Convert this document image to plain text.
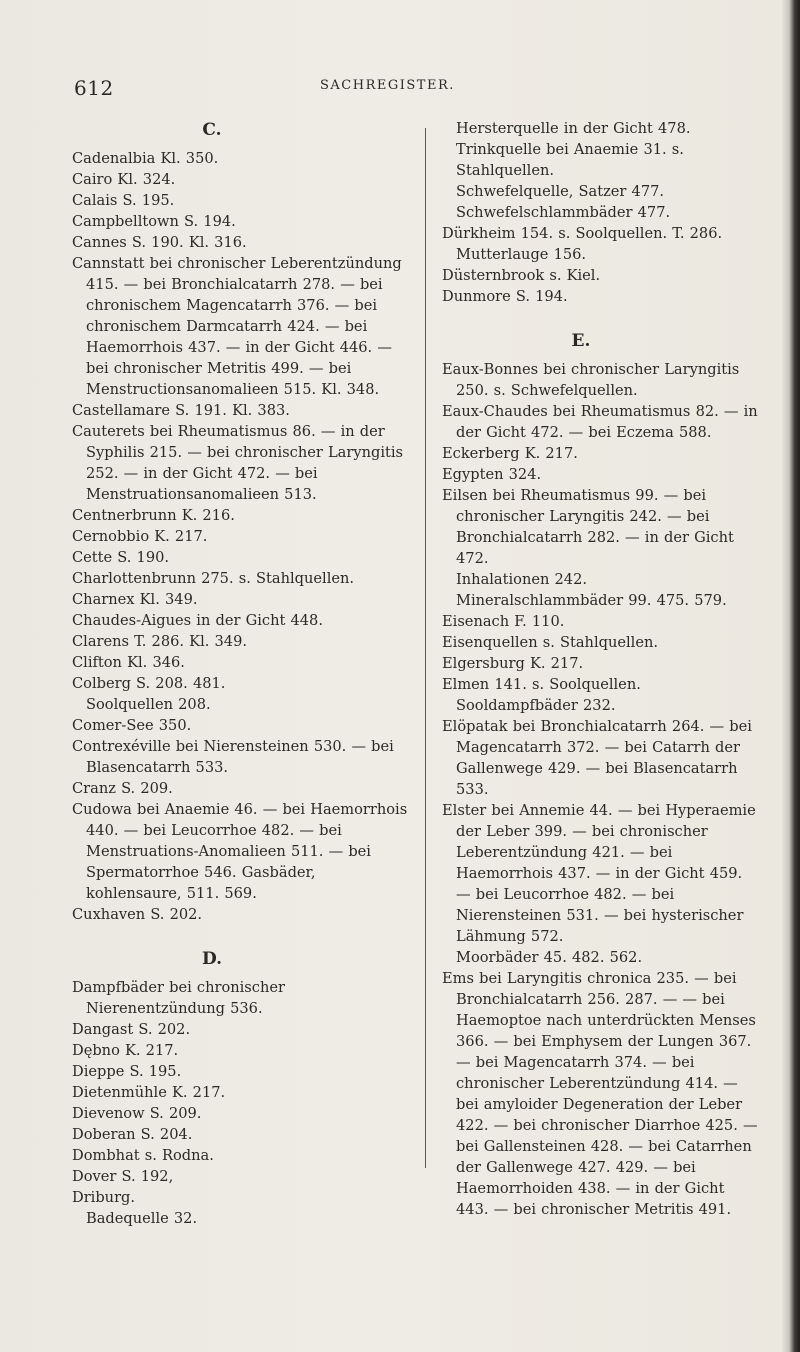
612	SACHREGISTER.
C.
Cadenalbia Kl. 350.
Cairo Kl. 324.
Calais S. 195.
Campbelltown S. 194.
Cannes S. 190. Kl. 316.
Cannstatt bei chronischer Leberentzündung 415. — bei Bronchialcatarrh 278. — bei chronischem Magencatarrh 376. — bei chronischem Darmcatarrh 424. — bei Haemorrhois 437. — in der Gicht 446. — bei chronischer Metritis 499. — bei Menstructionsanomalieen 515. Kl. 348.
Castellamare S. 191. Kl. 383.
Cauterets bei Rheumatismus 86. — in der Syphilis 215. — bei chronischer Laryngitis 252. — in der Gicht 472. — bei Menstruationsanomalieen 513.
Centnerbrunn K. 216.
Cernobbio K. 217.
Cette S. 190.
Charlottenbrunn 275. s. Stahlquellen.
Charnex Kl. 349.
Chaudes-Aigues in der Gicht 448.
Clarens T. 286. Kl. 349.
Clifton Kl. 346.
Colberg S. 208. 481.
Soolquellen 208.
Comer-See 350.
Contrexéville bei Nierensteinen 530. — bei Blasencatarrh 533.
Cranz S. 209.
Cudowa bei Anaemie 46. — bei Haemorrhois 440. — bei Leucorrhoe 482. — bei Menstruations-Anomalieen 511. — bei Spermatorrhoe 546. Gasbäder, kohlensaure, 511. 569.
Cuxhaven S. 202.
D.
Dampfbäder bei chronischer Nierenentzündung 536.
Dangast S. 202.
Dębno K. 217.
Dieppe S. 195.
Dietenmühle K. 217.
Dievenow S. 209.
Doberan S. 204.
Dombhat s. Rodna.
Dover S. 192,
Driburg.
Badequelle 32.
Hersterquelle in der Gicht 478.
Trinkquelle bei Anaemie 31. s. Stahlquellen.
Schwefelquelle, Satzer 477.
Schwefelschlammbäder 477.
Dürkheim 154. s. Soolquellen. T. 286.
Mutterlauge 156.
Düsternbrook s. Kiel.
Dunmore S. 194.
E.
Eaux-Bonnes bei chronischer Laryngitis 250. s. Schwefelquellen.
Eaux-Chaudes bei Rheumatismus 82. — in der Gicht 472. — bei Eczema 588.
Eckerberg K. 217.
Egypten 324.
Eilsen bei Rheumatismus 99. — bei chronischer Laryngitis 242. — bei Bronchialcatarrh 282. — in der Gicht 472.
Inhalationen 242.
Mineralschlammbäder 99. 475. 579.
Eisenach F. 110.
Eisenquellen s. Stahlquellen.
Elgersburg K. 217.
Elmen 141. s. Soolquellen.
Sooldampfbäder 232.
Elöpatak bei Bronchialcatarrh 264. — bei Magencatarrh 372. — bei Catarrh der Gallenwege 429. — bei Blasencatarrh 533.
Elster bei Annemie 44. — bei Hyperaemie der Leber 399. — bei chronischer Leberentzündung 421. — bei Haemorrhois 437. — in der Gicht 459. — bei Leucorrhoe 482. — bei Nierensteinen 531. — bei hysterischer Lähmung 572.
Moorbäder 45. 482. 562.
Ems bei Laryngitis chronica 235. — bei Bronchialcatarrh 256. 287. — — bei Haemoptoe nach unterdrückten Menses 366. — bei Emphysem der Lungen 367. — bei Magencatarrh 374. — bei chronischer Leberentzündung 414. — bei amyloider Degeneration der Leber 422. — bei chronischer Diarrhoe 425. — bei Gallensteinen 428. — bei Catarrhen der Gallenwege 427. 429. — bei Haemorrhoiden 438. — in der Gicht 443. — bei chronischer Metritis 491.
